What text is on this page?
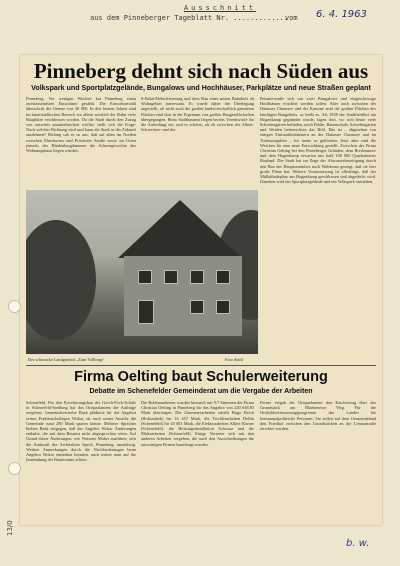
Ausschnitt
aus dem Pinneberger Tageblatt Nr. .............
vom 6. 4. 1963
Pinneberg dehnt sich nach Süden aus
Volkspark und Sportplatzgelände, Bungalows und Hochhäuser, Parkplätze und neue Straßen geplant
Pinneberg. Vor wenigen Wochen hat Pinneberg einen zweitausendsten Einwohner gezählt. Die Einwohnerzahl überschritt die Grenze von 30 000. In den letzten Jahren sind im innerstädtischen Bereich vor allem westlich der Bahn viele Bauplätze erschlossen worden. Da die Stadt durch den Zuzug von auswärts ununterbrochen wächst, stellt sich die Frage: Nach welcher Richtung wird und kann die Stadt in der Zukunft ausdehnen? Bislang sah es so aus, daß auf allen im Norden zwischen Elmshorner und Prisdorfer Straße sowie im Osten jenseits des Hindenburgdammes die Schwergewichte des Wohnungsbaus liegen würden.
S-Bahn-Elektrifizierung und dem Bau eines neuen Bahnhofs ab Wohngebiet interessant. Es wurde daher die Überlegung angestellt, ob nicht auch die großen landwirtschaftlich genutzten Flächen sind dort in die Eigentum von großen Baugesellschaften übergegangen. Beim Stadtbauamt liegen bereits Vorentwürfe für die Aufteilung vor, und es scheint, als ob zwischen der Albert-Schweitzer- und der
Peinsterstraße sich nur zwei Bungalows und eingeschossige Hochhäuser errichtet werden sollen. Aber auch zwischen der Datumer Chaussee und der Kaserne sind die großen Flächen des künftigen Baugebiets, so heißt es. Als 1938 der Stadtfriedhof am Hogenkamp gegründet wurde, lagen dort, wo sich heute viele Schrebergärten befinden, noch Felder. Baumschule, Schrebergärten und Weiden beherrschten das Bild. Das ist – abgesehen von einigen Einfamilienhäusern an der Datumer Chaussee und im Torfmoorgebiet – bis heute so geblieben. Jetzt aber sind die Weichen für eine neue Entwicklung gestellt. Zwischen der Firma Christian Oelting bei den Pinneberger Gründen, dem Bredenmoor und dem Hogenkamp erwarten uns bald 100 000 Quadratmeter Bauland. Die Stadt hat im Zuge der Abwasserbeseitigung durch den Bau des Hauptsammlers nach Waldenau gezeigt, daß sie hier große Pläne hat. Weitere Voraussetzung ist allerdings, daß der Müllabladeplatz am Hogenkamp geschlossen und abgedeckt wird. Daneben wird ein Sportplatzgelände und ein Volkspark entstehen.
Der schmucke Landgasthof „Zum Vollburg“	Foto Stahl
Firma Oelting baut Schulerweiterung
Debatte im Schenefelder Gemeinderat um die Vergabe der Arbeiten
Schenefeld. Für den Erweiterungsbau der Gorch-Fock-Schule in Schenefeld-Siedlung hat das Ortsparlament die Aufträge vergeben. Gemeindevertreter Baak plädierte für das Angebot seines Fraktionskollegen Wokar, da nach seiner Ansicht die Gemeinde rund 280 Mark sparen könne. Mehrere Sprecher hielten Baak entgegen, daß das Angebot Wokar Änderungen enthalte, die mit dem Bauamt nicht abgesprochen seien. Auf Grund dieser Änderungen, wie Vertreter Mohrs ausführte, sich die Auskunft des Architekten Speck, Pinneberg, unzulässig. Weitere Anmerkungen durch die Nachforderungen beim Angebot Wokar entstehen könnten, auch müsse man auf die Innehaltung der Bautermine achten.
Die Rohbauarbeiten wurden hiernach mit 9:7 Stimmen der Firma Christian Oelting in Pinneberg für das Angebot von 230 048,83 Mark übertragen. Die Zimmererarbeiten erhielt Hugo Reich (Holstenbek) für 16 457 Mark, die Tischlerarbeiten Delfin (Schenefeld) für 43 681 Mark, die Elektroarbeiten Albert Körner (Schenefeld), die Heizungsinstallation Schwarz und die Malerarbeiten (Schenefeld). Einige Vertreter sich mit den anderen Arbeiten vergeben, die nach den Ausschreibungen die auswärtigen Firmen beauftragt wurden.
Ferner vergab der Ortsparlament den Kaufvertrag über das Grundstück am Blankeneser Weg. Für die Ortsbildverbesserungsprogramm des Landes für kommunalpolitische Personen. Sie sollen auf dem Gemeindeland den Friedhof zwischen den Grundstücken an der Lienaustraße errichtet werden.
13/0
b. w.
